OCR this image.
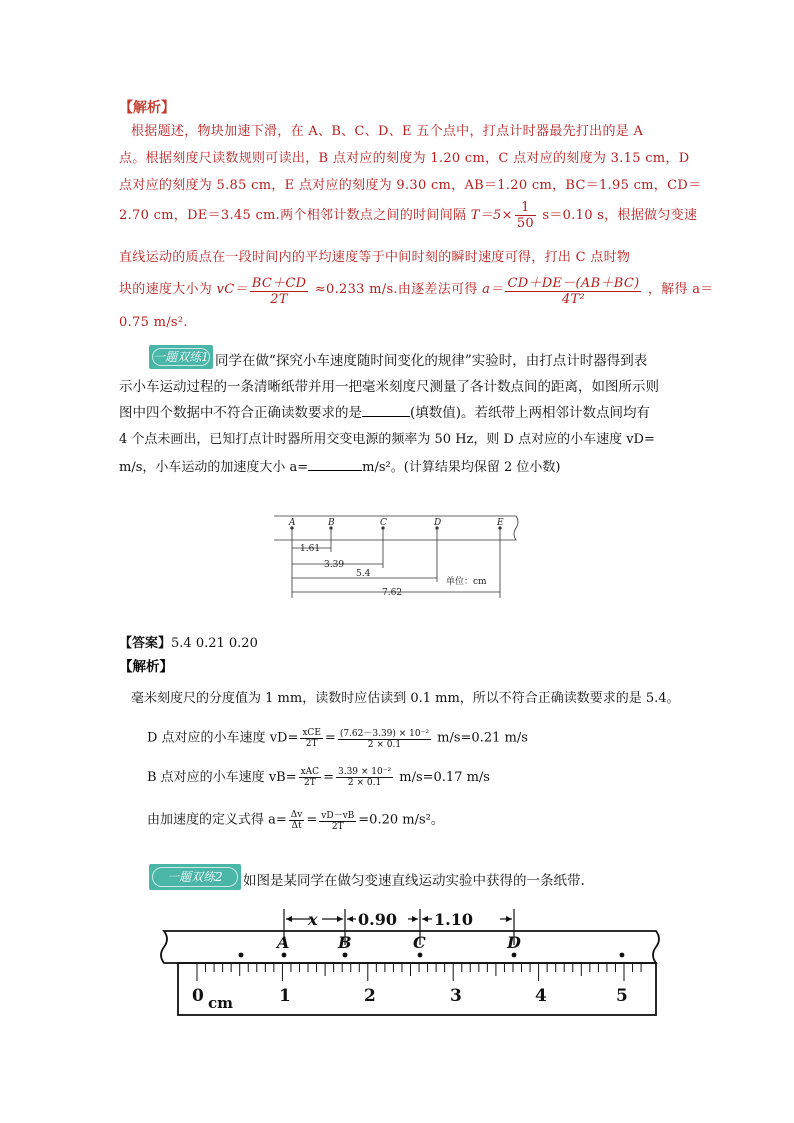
【解析】
根据题述，物块加速下滑，在 A、B、C、D、E 五个点中，打点计时器最先打出的是 A
点。根据刻度尺读数规则可读出，B 点对应的刻度为 1.20 cm，C 点对应的刻度为 3.15 cm，D
点对应的刻度为 5.85 cm，E 点对应的刻度为 9.30 cm，AB＝1.20 cm，BC＝1.95 cm，CD＝
2.70 cm，DE＝3.45 cm.两个相邻计数点之间的时间间隔 $T=5\times \frac{1}{50} s=0.10$ s，根据做匀变速
直线运动的质点在一段时间内的平均速度等于中间时刻的瞬时速度可得，打出 C 点时物
块的速度大小为 $vC= \frac{BC+CD}{2T} \approx 0.233$ m/s.由逐差法可得 $a= \frac{CD+DE-(AB+BC)}{\text{4T²}}$ ，解得 a＝
0.75 m/s².
一题双练1 同学在做“探究小车速度随时间变化的规律”实验时，由打点计时器得到表
示小车运动过程的一条清晰纸带并用一把毫米刻度尺测量了各计数点间的距离，如图所示则
图中四个数据中不符合正确读数要求的是	(填数值)。若纸带上两相邻计数点间均有
4 个点未画出，已知打点计时器所用交变电源的频率为 50 Hz，则 D 点对应的小车速度 vD=
m/s，小车运动的加速度大小 a=	m/s²。(计算结果均保留 2 位小数)
A	B	C	D	E
1.61
3.39
5.4
7.62
单位：cm
【答案】5.4 0.21 0.20
【解析】
毫米刻度尺的分度值为 1 mm，读数时应估读到 0.1 mm，所以不符合正确读数要求的是 5.4。
D 点对应的小车速度 $vD= \frac{\text{xCE}}{2T} = \frac{\text{(7.62－3.39) × 10⁻²}}{2 \times 0.1} m/s=0.21$ m/s
B 点对应的小车速度 $vB= \frac{\text{xAC}}{2T} = \frac{\text{3.39 × 10⁻²}}{2 \times 0.1} m/s=0.17$ m/s
由加速度的定义式得 $a= \frac{\Delta v}{\Delta t} = \frac{vD-vB}{2T} =0.20$ m/s²。
一题双练2	如图是某同学在做匀变速直线运动实验中获得的一条纸带.
x	0.90 1.10
A	B	C	D
0	1	2	3	4	5
cm
